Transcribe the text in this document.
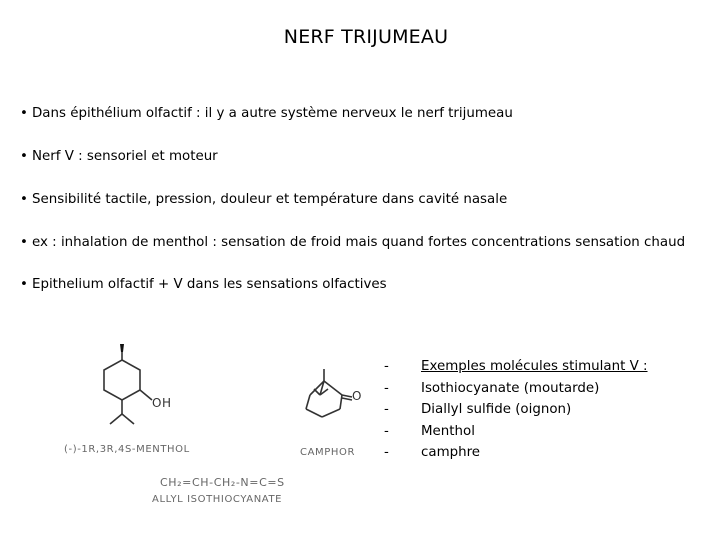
NERF TRIJUMEAU
• Dans épithélium olfactif : il y a autre système nerveux le nerf trijumeau
• Nerf V : sensoriel et moteur
• Sensibilité tactile, pression, douleur et température dans cavité nasale
• ex : inhalation de menthol : sensation de froid mais quand fortes concentrations sensation chaud
• Epithelium olfactif + V dans les sensations olfactives
OH
(-)-1R,3R,4S-MENTHOL
O
CAMPHOR
CH₂=CH-CH₂-N=C=S
ALLYL ISOTHIOCYANATE
-
-
-
-
-
Exemples molécules stimulant V :
Isothiocyanate (moutarde)
Diallyl sulfide (oignon)
Menthol
camphre
